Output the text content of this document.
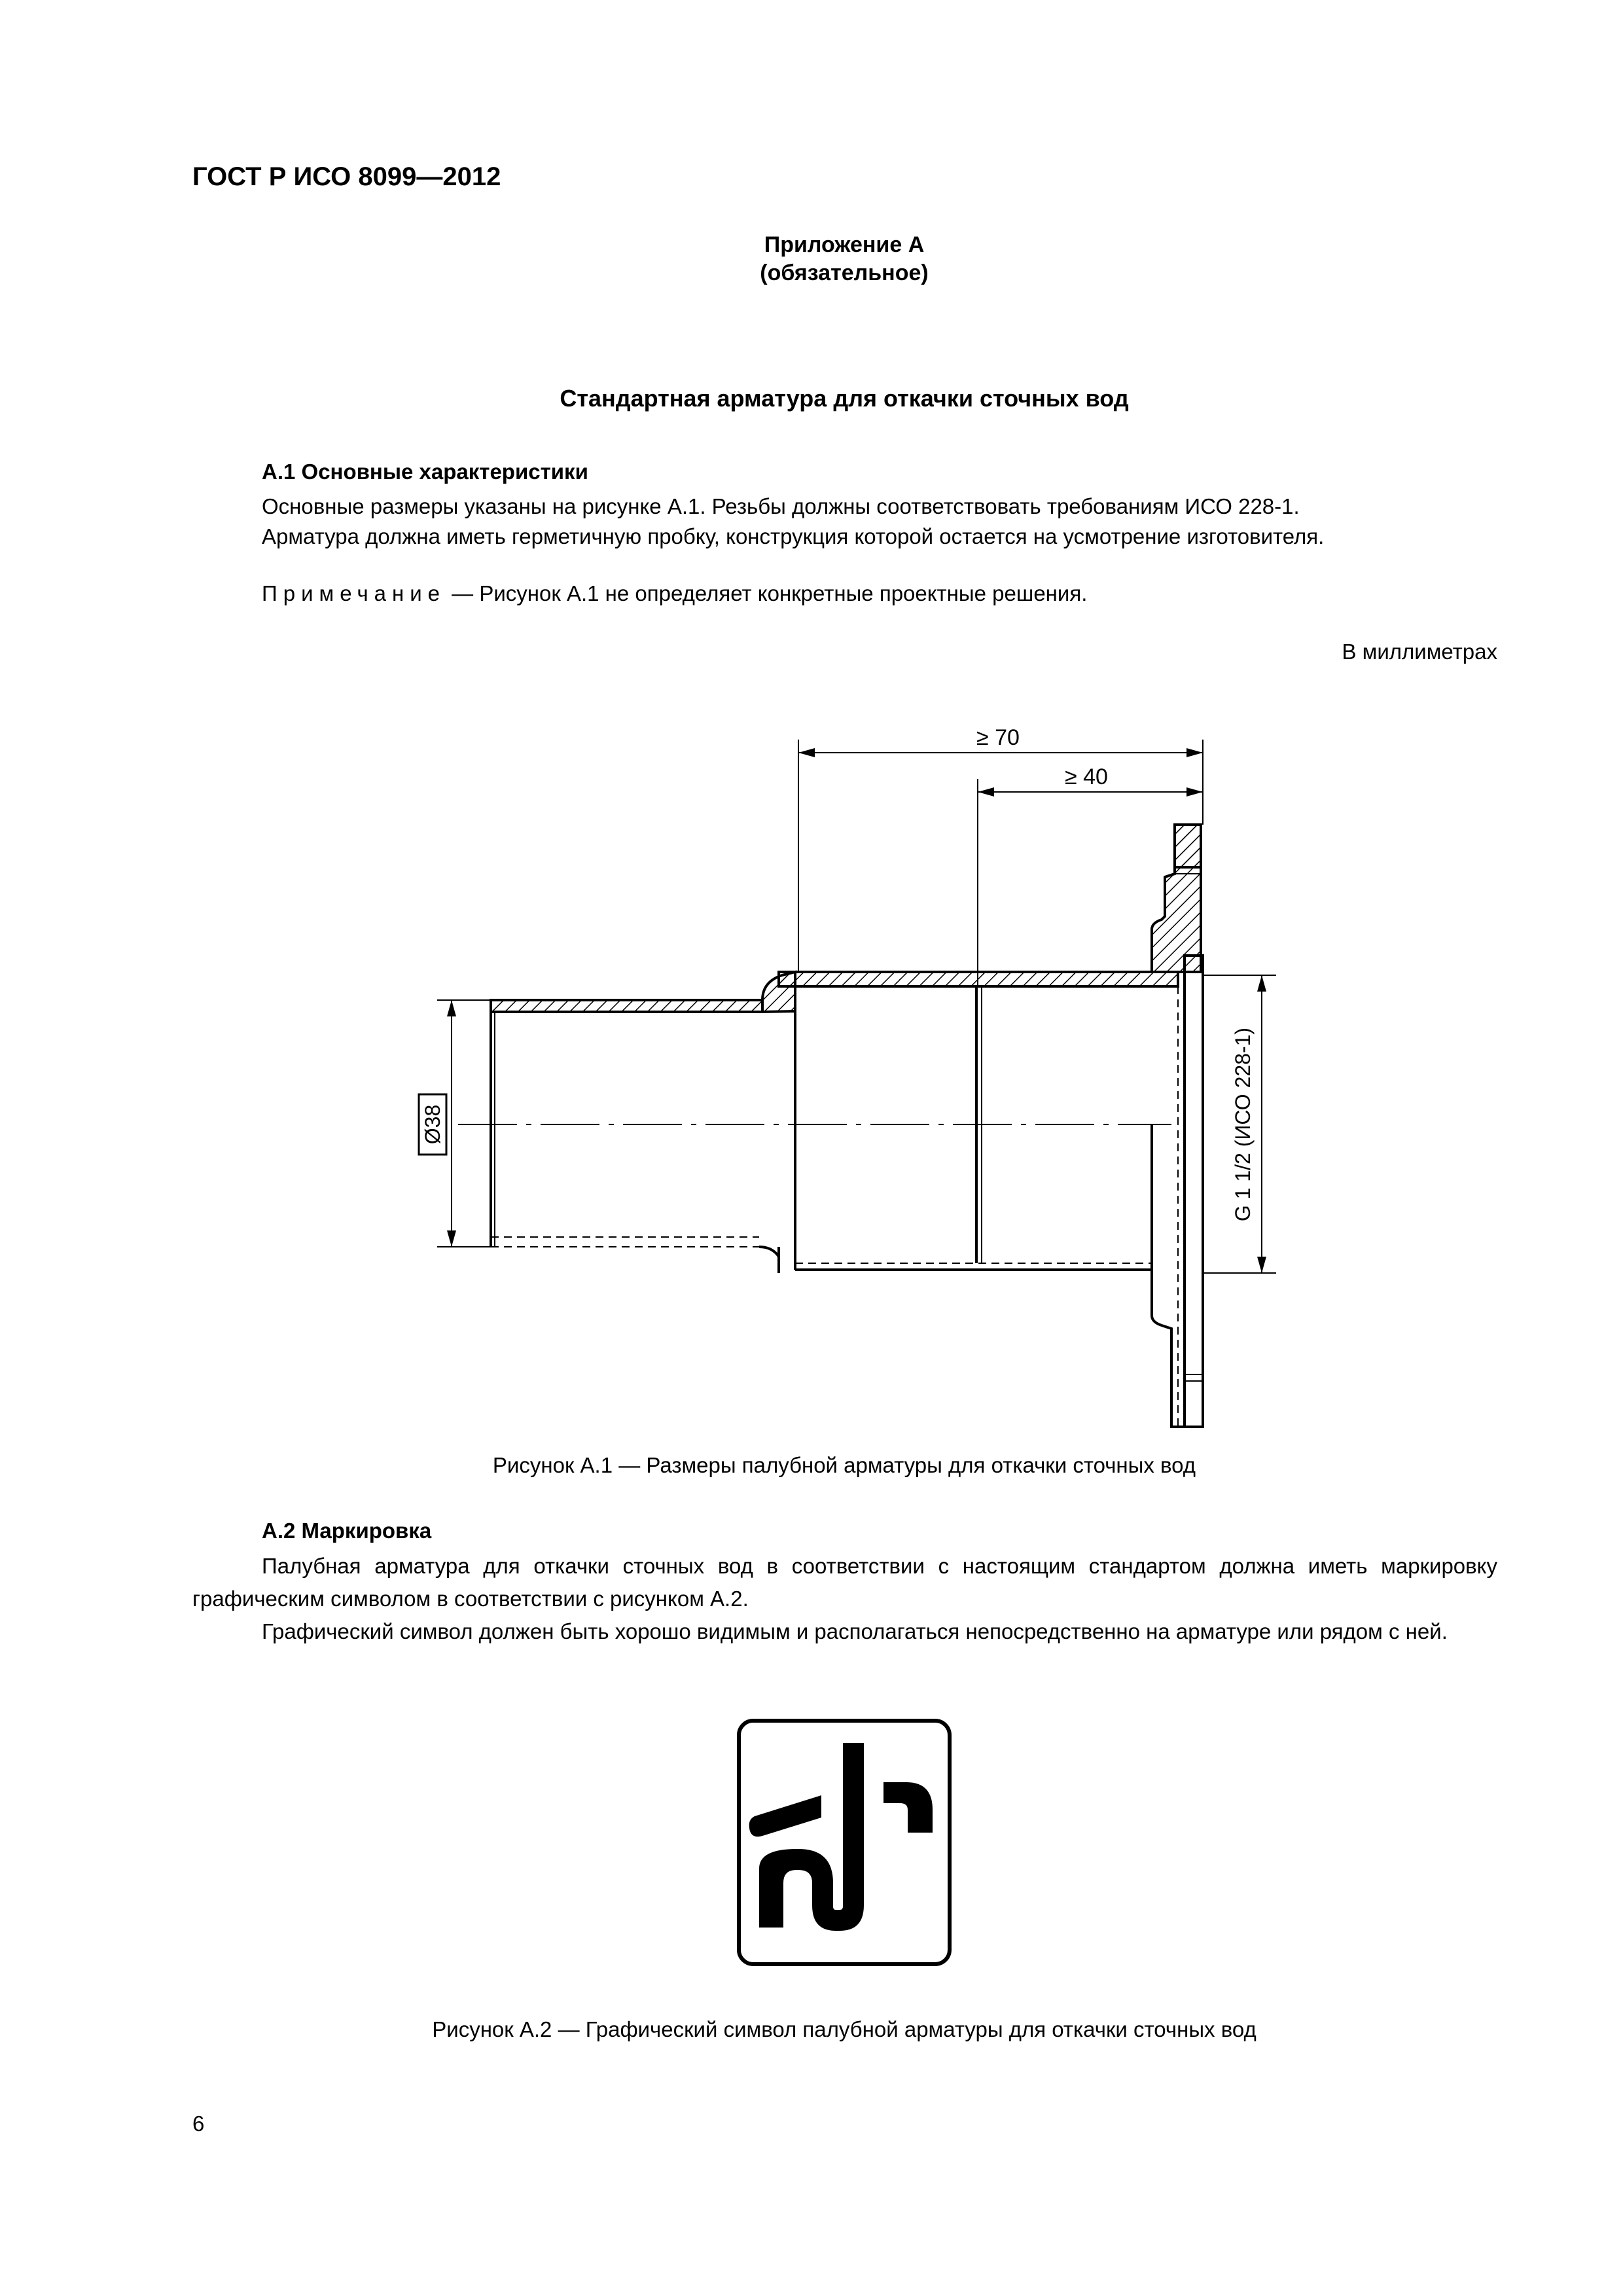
ГОСТ Р ИСО 8099—2012
Приложение А
(обязательное)
Стандартная арматура для откачки сточных вод
А.1 Основные характеристики
Основные размеры указаны на рисунке А.1. Резьбы должны соответствовать требованиям ИСО 228-1.
Арматура должна иметь герметичную пробку, конструкция которой остается на усмотрение изготовителя.
Примечание — Рисунок А.1 не определяет конкретные проектные решения.
В миллиметрах
≥ 70
≥ 40
Ø38	G 1 1/2 (ИСО 228-1)
Рисунок А.1 — Размеры палубной арматуры для откачки сточных вод
А.2 Маркировка
Палубная арматура для откачки сточных вод в соответствии с настоящим стандартом должна иметь маркировку графическим символом в соответствии с рисунком А.2.
Графический символ должен быть хорошо видимым и располагаться непосредственно на арматуре или рядом с ней.
Рисунок А.2 — Графический символ палубной арматуры для откачки сточных вод
6
